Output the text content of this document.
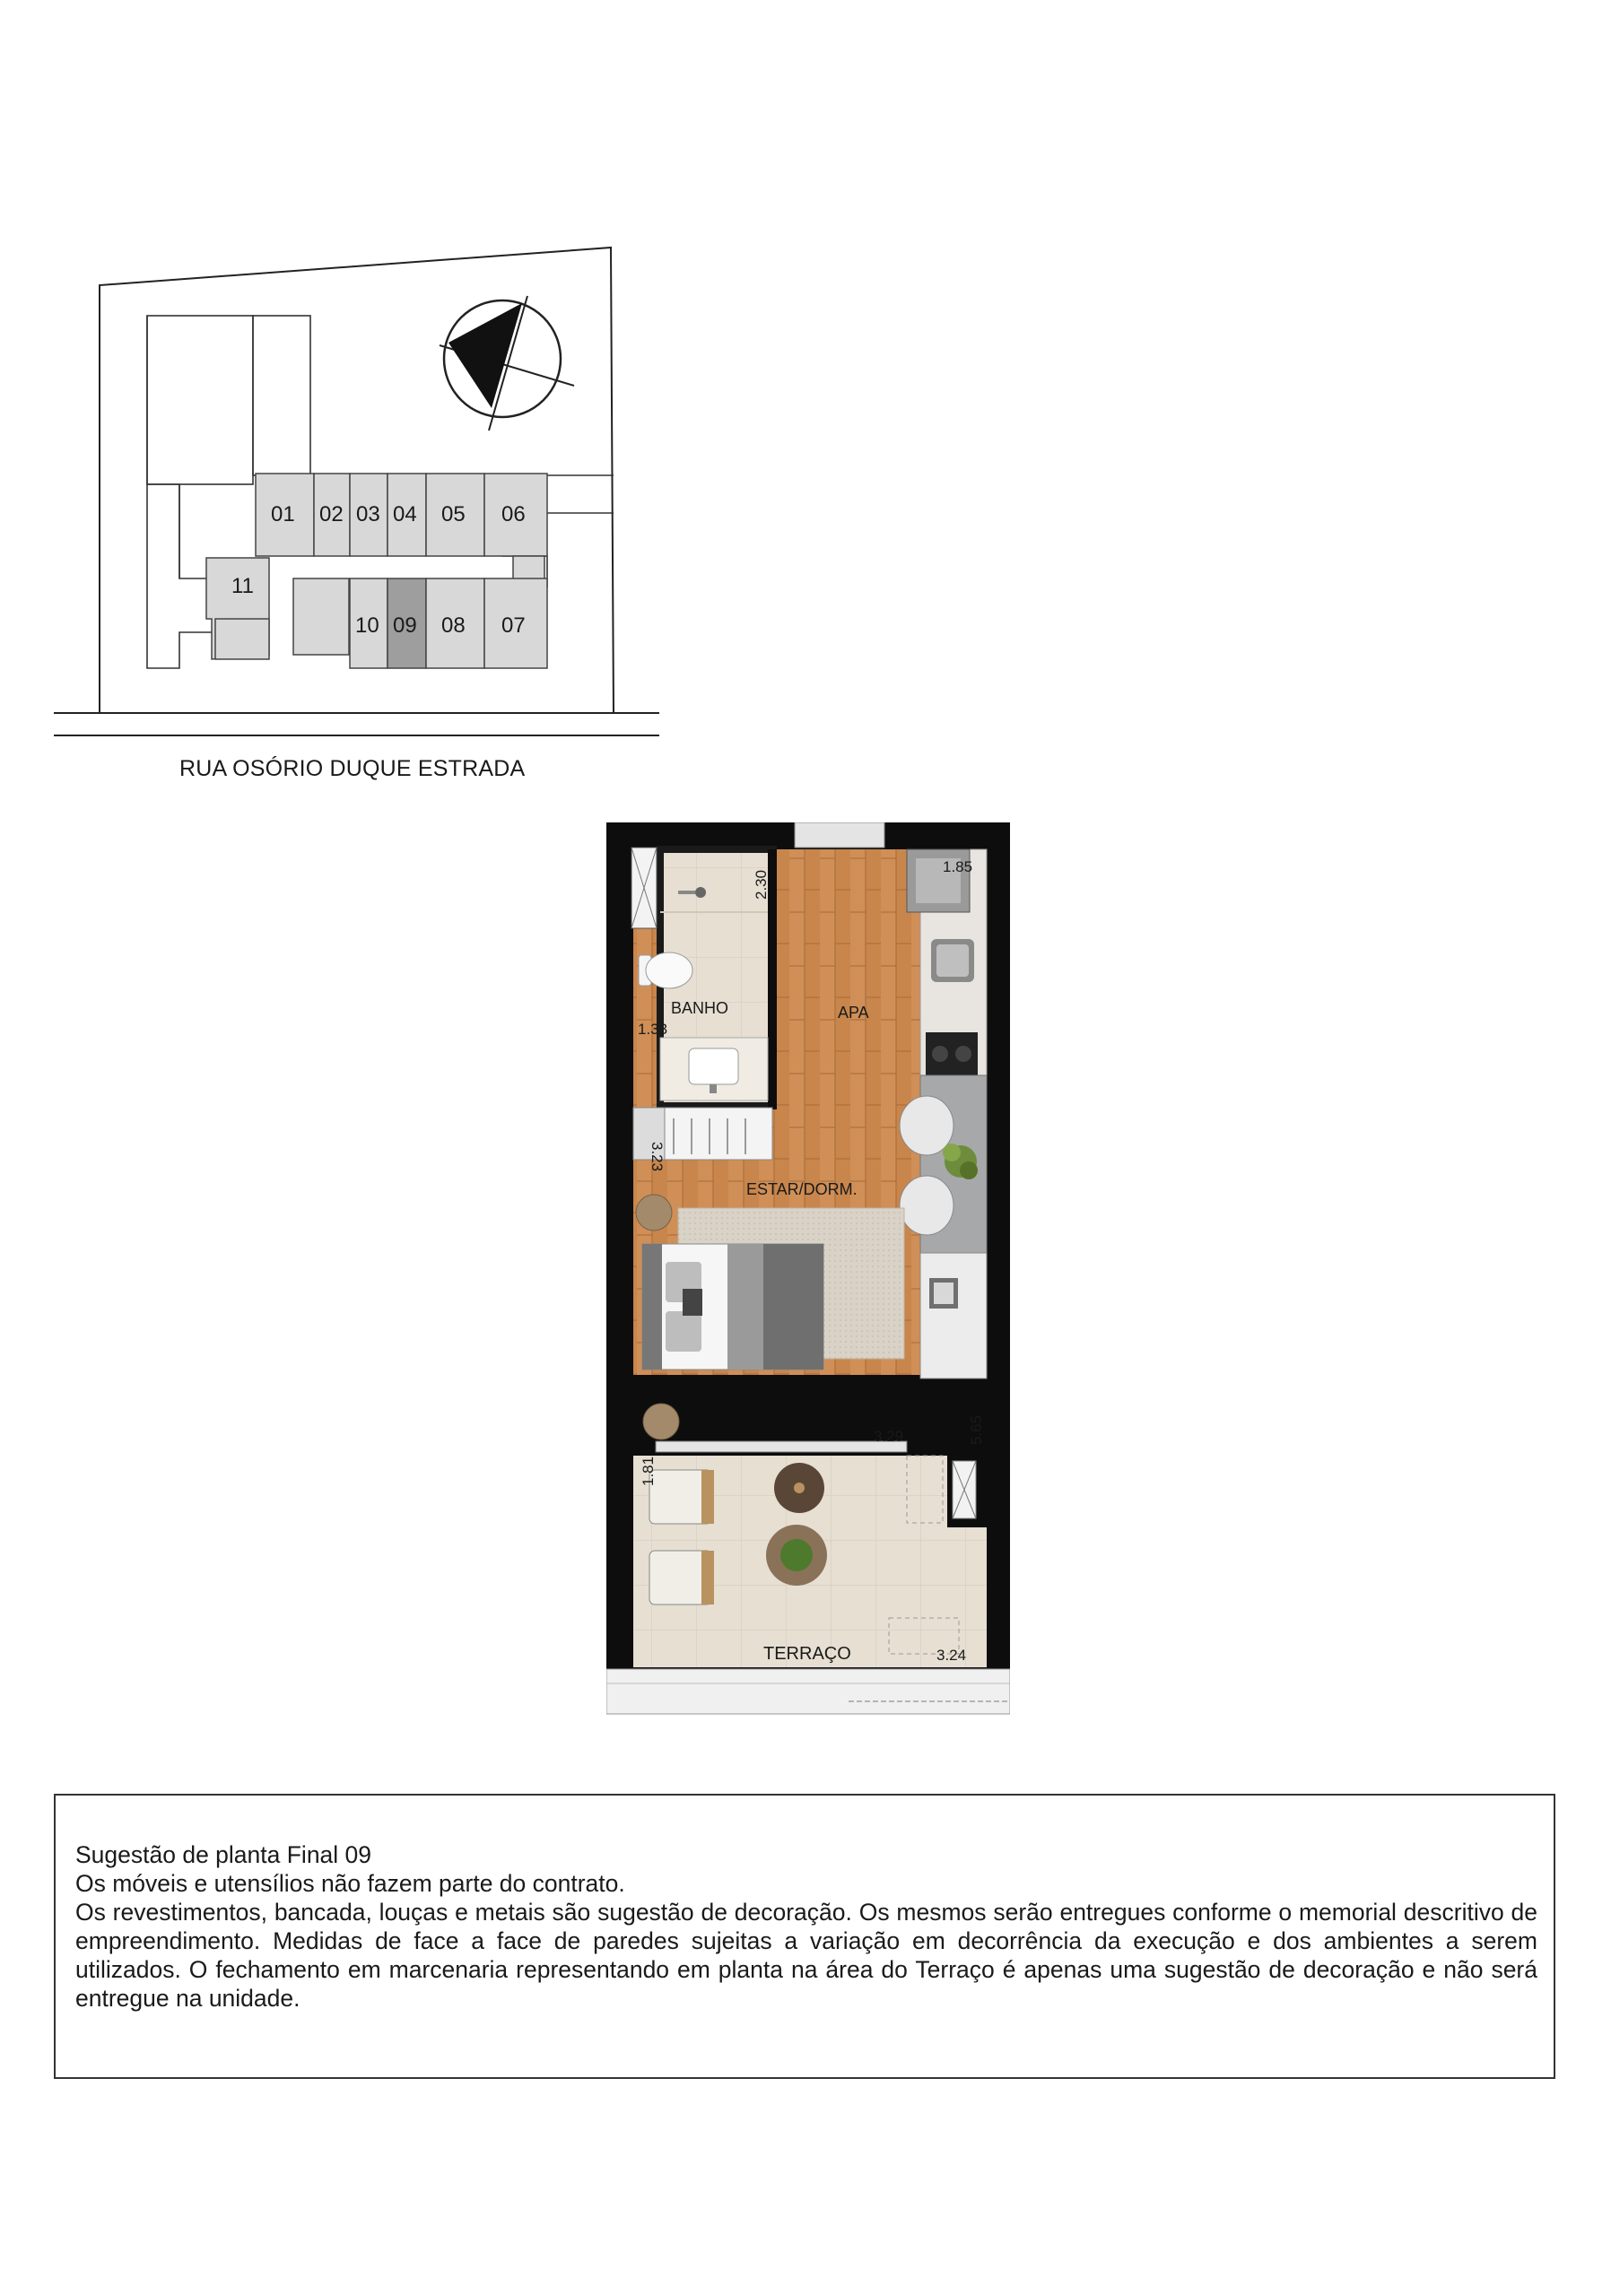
11
01 02 03 04 05 06
10 09 08 07
RUA OSÓRIO DUQUE ESTRADA
BANHO	APA
ESTAR/DORM.
TERRAÇO
2.30
1.33
1.85
3.23
3.29	5.65
1.81
3.24
Sugestão de planta Final 09
Os móveis e utensílios não fazem parte do contrato.
Os revestimentos, bancada, louças e metais são sugestão de decoração. Os mesmos serão entregues conforme o memorial descritivo de empreendimento. Medidas de face a face de paredes sujeitas a variação em decorrência da execução e dos ambientes a serem utilizados. O fechamento em marcenaria representando em planta na área do Terraço é apenas uma sugestão de decoração e não será entregue na unidade.
